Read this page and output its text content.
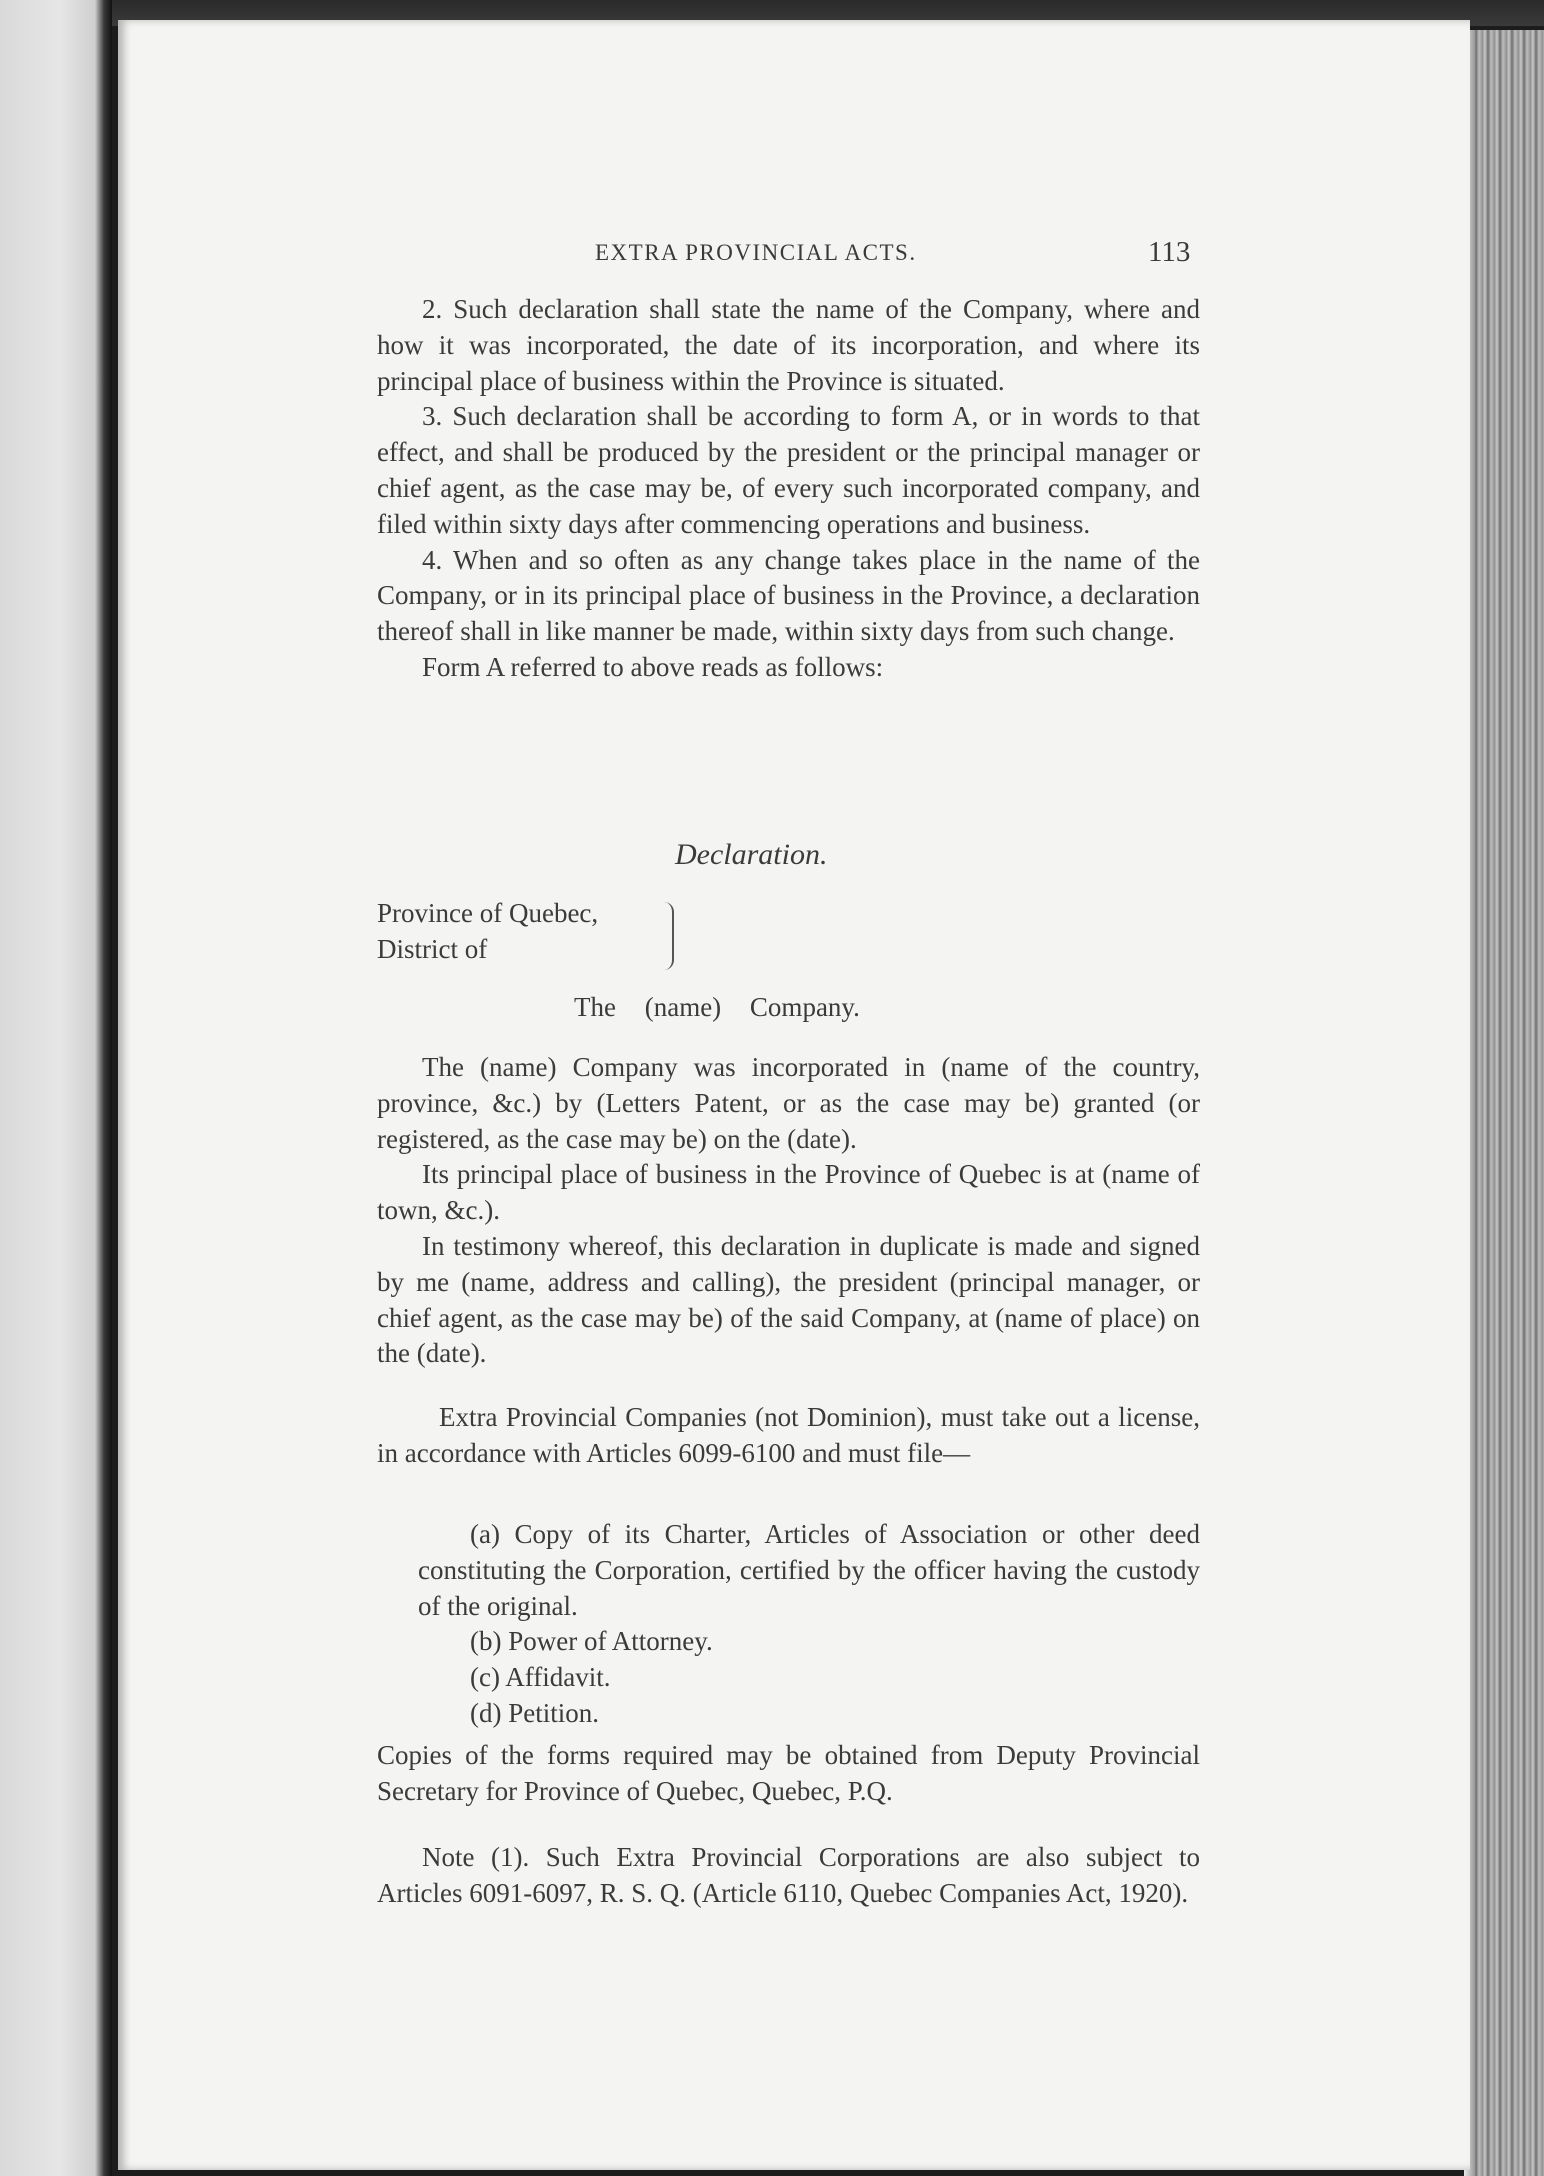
EXTRA PROVINCIAL ACTS.	113

2. Such declaration shall state the name of the Company, where and how it was incorporated, the date of its incorporation, and where its principal place of business within the Province is situated.

3. Such declaration shall be according to form A, or in words to that effect, and shall be produced by the president or the principal manager or chief agent, as the case may be, of every such incorporated company, and filed within sixty days after commencing operations and business.

4. When and so often as any change takes place in the name of the Company, or in its principal place of business in the Province, a declaration thereof shall in like manner be made, within sixty days from such change.

Form A referred to above reads as follows:

Declaration.
Province of Quebec,
District of
The (name) Company.

The (name) Company was incorporated in (name of the country, province, &c.) by (Letters Patent, or as the case may be) granted (or registered, as the case may be) on the (date).

Its principal place of business in the Province of Quebec is at (name of town, &c.).

In testimony whereof, this declaration in duplicate is made and signed by me (name, address and calling), the president (principal manager, or chief agent, as the case may be) of the said Company, at (name of place) on the (date).

Extra Provincial Companies (not Dominion), must take out a license, in accordance with Articles 6099-6100 and must file—

(a) Copy of its Charter, Articles of Association or other deed constituting the Corporation, certified by the officer having the custody of the original.

(b) Power of Attorney.

(c) Affidavit.

(d) Petition.

Copies of the forms required may be obtained from Deputy Provincial Secretary for Province of Quebec, Quebec, P.Q.

Note (1). Such Extra Provincial Corporations are also subject to Articles 6091-6097, R. S. Q. (Article 6110, Quebec Companies Act, 1920).
